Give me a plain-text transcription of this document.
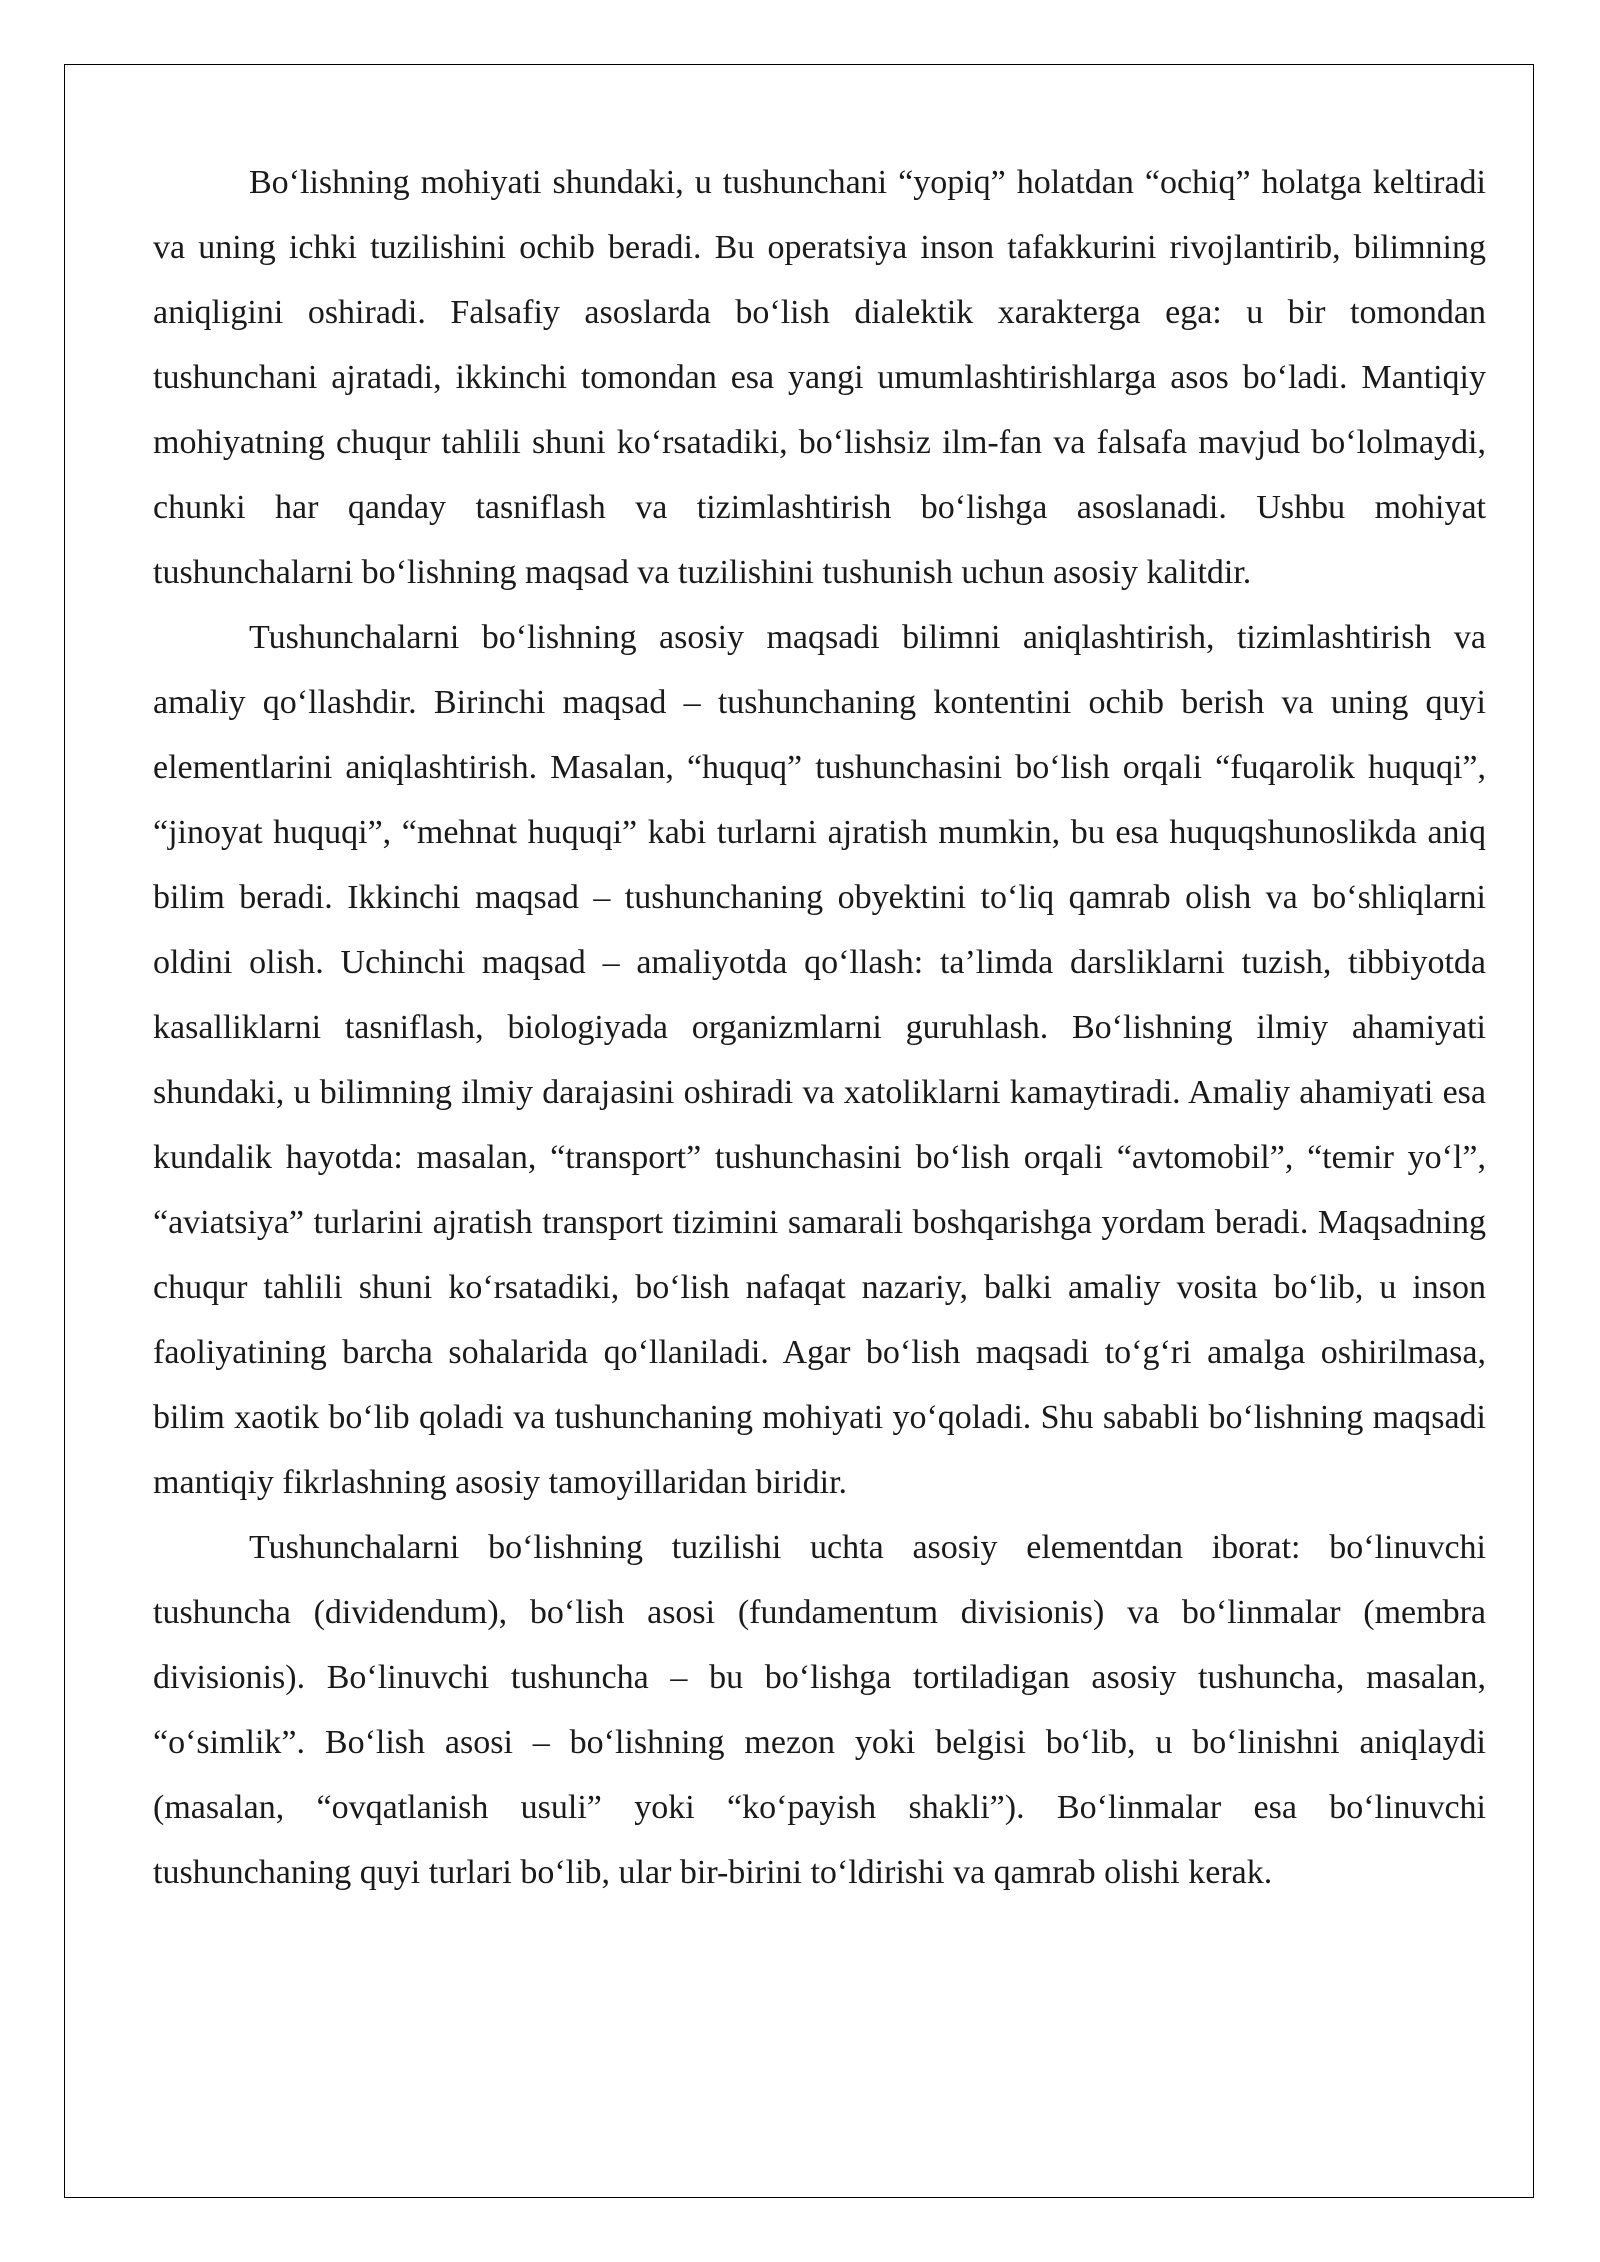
Bo‘lishning mohiyati shundaki, u tushunchani “yopiq” holatdan “ochiq” holatga keltiradi va uning ichki tuzilishini ochib beradi. Bu operatsiya inson tafakkurini rivojlantirib, bilimning aniqligini oshiradi. Falsafiy asoslarda bo‘lish dialektik xarakterga ega: u bir tomondan tushunchani ajratadi, ikkinchi tomondan esa yangi umumlashtirishlarga asos bo‘ladi. Mantiqiy mohiyatning chuqur tahlili shuni ko‘rsatadiki, bo‘lishsiz ilm-fan va falsafa mavjud bo‘lolmaydi, chunki har qanday tasniflash va tizimlashtirish bo‘lishga asoslanadi. Ushbu mohiyat tushunchalarni bo‘lishning maqsad va tuzilishini tushunish uchun asosiy kalitdir.

Tushunchalarni bo‘lishning asosiy maqsadi bilimni aniqlashtirish, tizimlashtirish va amaliy qo‘llashdir. Birinchi maqsad – tushunchaning kontentini ochib berish va uning quyi elementlarini aniqlashtirish. Masalan, “huquq” tushunchasini bo‘lish orqali “fuqarolik huquqi”, “jinoyat huquqi”, “mehnat huquqi” kabi turlarni ajratish mumkin, bu esa huquqshunoslikda aniq bilim beradi. Ikkinchi maqsad – tushunchaning obyektini to‘liq qamrab olish va bo‘shliqlarni oldini olish. Uchinchi maqsad – amaliyotda qo‘llash: ta’limda darsliklarni tuzish, tibbiyotda kasalliklarni tasniflash, biologiyada organizmlarni guruhlash. Bo‘lishning ilmiy ahamiyati shundaki, u bilimning ilmiy darajasini oshiradi va xatoliklarni kamaytiradi. Amaliy ahamiyati esa kundalik hayotda: masalan, “transport” tushunchasini bo‘lish orqali “avtomobil”, “temir yo‘l”, “aviatsiya” turlarini ajratish transport tizimini samarali boshqarishga yordam beradi. Maqsadning chuqur tahlili shuni ko‘rsatadiki, bo‘lish nafaqat nazariy, balki amaliy vosita bo‘lib, u inson faoliyatining barcha sohalarida qo‘llaniladi. Agar bo‘lish maqsadi to‘g‘ri amalga oshirilmasa, bilim xaotik bo‘lib qoladi va tushunchaning mohiyati yo‘qoladi. Shu sababli bo‘lishning maqsadi mantiqiy fikrlashning asosiy tamoyillaridan biridir.

Tushunchalarni bo‘lishning tuzilishi uchta asosiy elementdan iborat: bo‘linuvchi tushuncha (dividendum), bo‘lish asosi (fundamentum divisionis) va bo‘linmalar (membra divisionis). Bo‘linuvchi tushuncha – bu bo‘lishga tortiladigan asosiy tushuncha, masalan, “o‘simlik”. Bo‘lish asosi – bo‘lishning mezon yoki belgisi bo‘lib, u bo‘linishni aniqlaydi (masalan, “ovqatlanish usuli” yoki “ko‘payish shakli”). Bo‘linmalar esa bo‘linuvchi tushunchaning quyi turlari bo‘lib, ular bir-birini to‘ldirishi va qamrab olishi kerak.
